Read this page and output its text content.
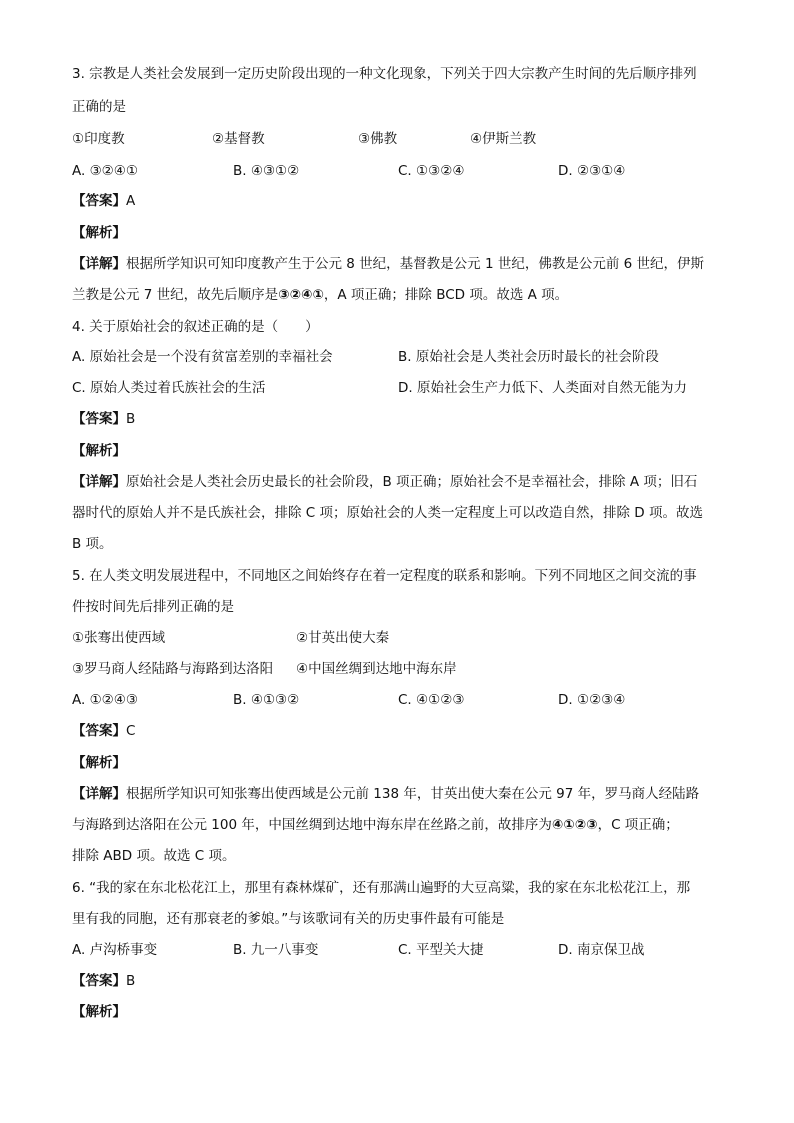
3. 宗教是人类社会发展到一定历史阶段出现的一种文化现象，下列关于四大宗教产生时间的先后顺序排列
正确的是
①印度教	②基督教	③佛教	④伊斯兰教
A. ③②④①	B. ④③①②	C. ①③②④	D. ②③①④
【答案】A
【解析】
【详解】根据所学知识可知印度教产生于公元 8 世纪，基督教是公元 1 世纪，佛教是公元前 6 世纪，伊斯
兰教是公元 7 世纪，故先后顺序是③②④①，A 项正确；排除 BCD 项。故选 A 项。
4. 关于原始社会的叙述正确的是（　　）
A. 原始社会是一个没有贫富差别的幸福社会	B. 原始社会是人类社会历时最长的社会阶段
C. 原始人类过着氏族社会的生活	D. 原始社会生产力低下、人类面对自然无能为力
【答案】B
【解析】
【详解】原始社会是人类社会历史最长的社会阶段，B 项正确；原始社会不是幸福社会，排除 A 项；旧石
器时代的原始人并不是氏族社会，排除 C 项；原始社会的人类一定程度上可以改造自然，排除 D 项。故选
B 项。
5. 在人类文明发展进程中，不同地区之间始终存在着一定程度的联系和影响。下列不同地区之间交流的事
件按时间先后排列正确的是
①张骞出使西域	②甘英出使大秦
③罗马商人经陆路与海路到达洛阳 ④中国丝绸到达地中海东岸
A. ①②④③	B. ④①③②	C. ④①②③	D. ①②③④
【答案】C
【解析】
【详解】根据所学知识可知张骞出使西域是公元前 138 年，甘英出使大秦在公元 97 年，罗马商人经陆路
与海路到达洛阳在公元 100 年，中国丝绸到达地中海东岸在丝路之前，故排序为④①②③，C 项正确；
排除 ABD 项。故选 C 项。
6. “我的家在东北松花江上，那里有森林煤矿，还有那满山遍野的大豆高粱，我的家在东北松花江上，那
里有我的同胞，还有那衰老的爹娘。”与该歌词有关的历史事件最有可能是
A. 卢沟桥事变	B. 九一八事变	C. 平型关大捷	D. 南京保卫战
【答案】B
【解析】
